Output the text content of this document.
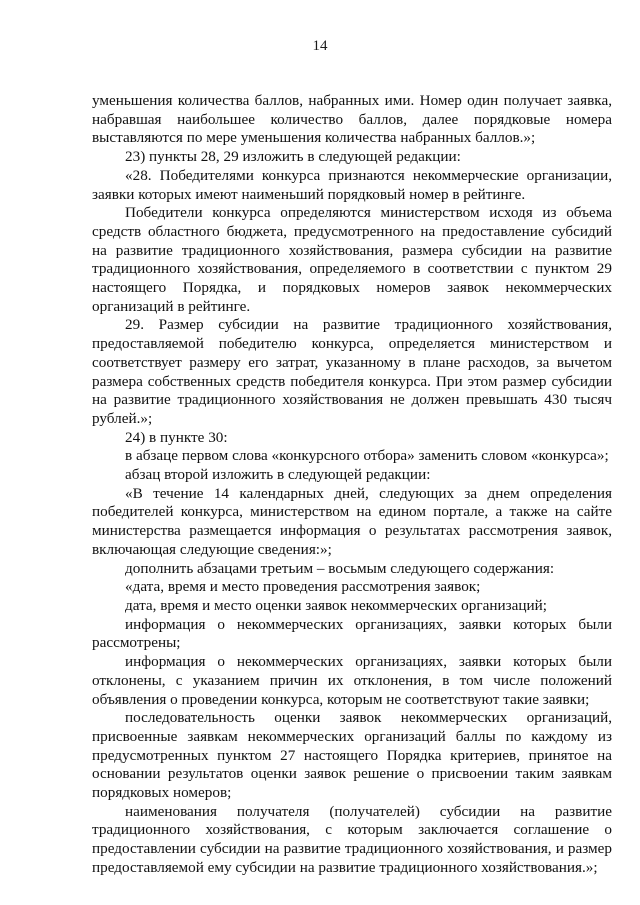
14

уменьшения количества баллов, набранных ими. Номер один получает заявка, набравшая наибольшее количество баллов, далее порядковые номера выставляются по мере уменьшения количества набранных баллов.»;

23) пункты 28, 29 изложить в следующей редакции:

«28. Победителями конкурса признаются некоммерческие организации, заявки которых имеют наименьший порядковый номер в рейтинге.

Победители конкурса определяются министерством исходя из объема средств областного бюджета, предусмотренного на предоставление субсидий на развитие традиционного хозяйствования, размера субсидии на развитие традиционного хозяйствования, определяемого в соответствии с пунктом 29 настоящего Порядка, и порядковых номеров заявок некоммерческих организаций в рейтинге.

29. Размер субсидии на развитие традиционного хозяйствования, предоставляемой победителю конкурса, определяется министерством и соответствует размеру его затрат, указанному в плане расходов, за вычетом размера собственных средств победителя конкурса. При этом размер субсидии на развитие традиционного хозяйствования не должен превышать 430 тысяч рублей.»;

24) в пункте 30:

в абзаце первом слова «конкурсного отбора» заменить словом «конкурса»;

абзац второй изложить в следующей редакции:

«В течение 14 календарных дней, следующих за днем определения победителей конкурса, министерством на едином портале, а также на сайте министерства размещается информация о результатах рассмотрения заявок, включающая следующие сведения:»;

дополнить абзацами третьим – восьмым следующего содержания:

«дата, время и место проведения рассмотрения заявок;

дата, время и место оценки заявок некоммерческих организаций;

информация о некоммерческих организациях, заявки которых были рассмотрены;

информация о некоммерческих организациях, заявки которых были отклонены, с указанием причин их отклонения, в том числе положений объявления о проведении конкурса, которым не соответствуют такие заявки;

последовательность оценки заявок некоммерческих организаций, присвоенные заявкам некоммерческих организаций баллы по каждому из предусмотренных пунктом 27 настоящего Порядка критериев, принятое на основании результатов оценки заявок решение о присвоении таким заявкам порядковых номеров;

наименования получателя (получателей) субсидии на развитие традиционного хозяйствования, с которым заключается соглашение о предоставлении субсидии на развитие традиционного хозяйствования, и размер предоставляемой ему субсидии на развитие традиционного хозяйствования.»;
